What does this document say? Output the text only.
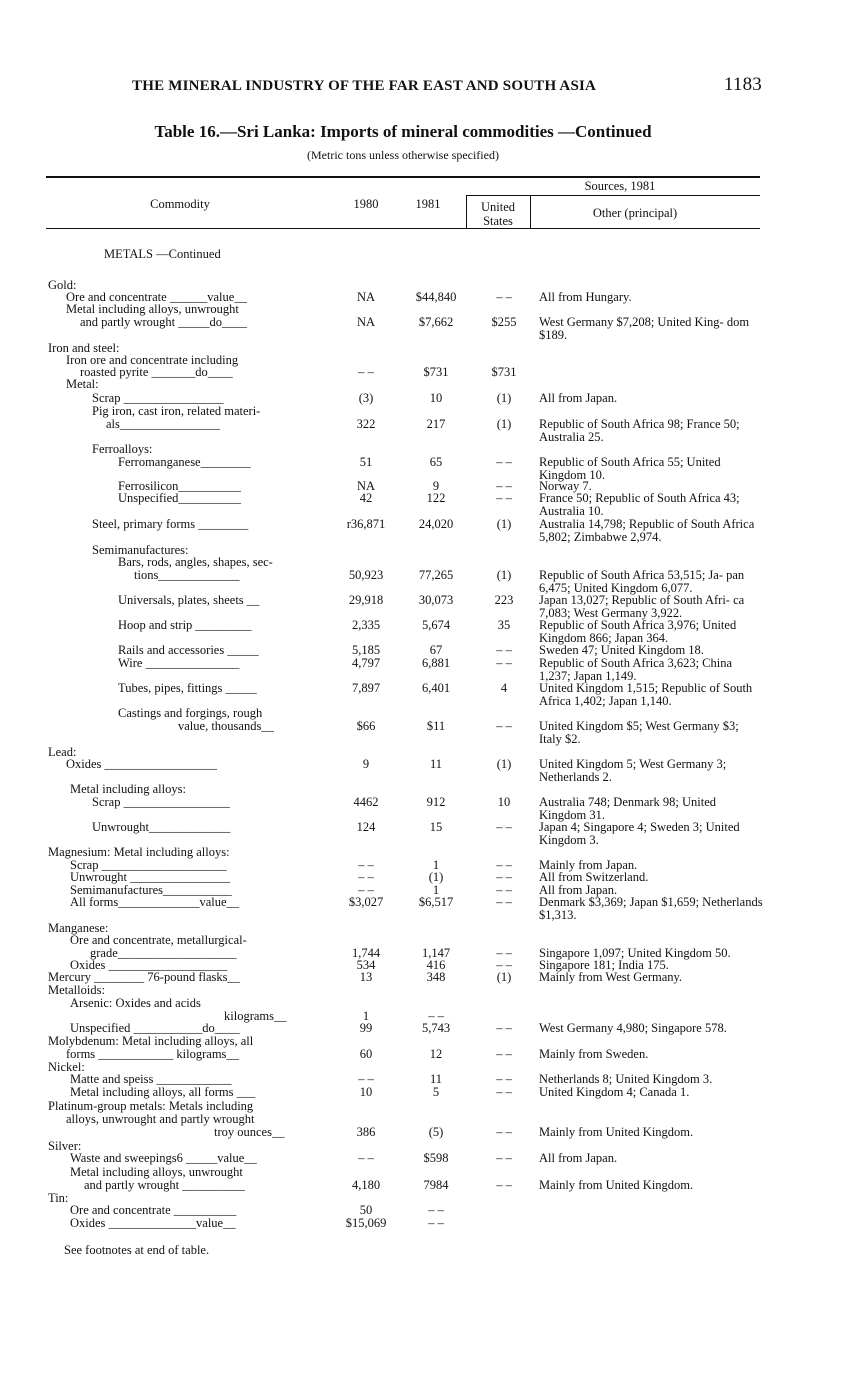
THE MINERAL INDUSTRY OF THE FAR EAST AND SOUTH ASIA	1183
Table 16.—Sri Lanka: Imports of mineral commodities —Continued
(Metric tons unless otherwise specified)
Commodity	1980	1981
Sources, 1981
United
States
Other (principal)
METALS —Continued
Gold:
Ore and concentrate ______value__	NA	$44,840	– –	All from Hungary.
Metal including alloys, unwrought
and partly wrought _____do____	NA	$7,662	$255	West Germany $7,208; United King- dom $189.
Iron and steel:
Iron ore and concentrate including
roasted pyrite _______do____	– –	$731	$731
Metal:
Scrap ________________	(3)	10	(1)	All from Japan.
Pig iron, cast iron, related materi-
als________________	322	217	(1)	Republic of South Africa 98; France 50; Australia 25.
Ferroalloys:
Ferromanganese________	51	65	– –	Republic of South Africa 55; United Kingdom 10.
Ferrosilicon__________	NA	9	– –	Norway 7.
Unspecified__________	42	122	– –	France 50; Republic of South Africa 43; Australia 10.
Steel, primary forms ________	r36,871	24,020	(1)	Australia 14,798; Republic of South Africa 5,802; Zimbabwe 2,974.
Semimanufactures:
Bars, rods, angles, shapes, sec-
tions_____________	50,923	77,265	(1)	Republic of South Africa 53,515; Ja- pan 6,475; United Kingdom 6,077.
Universals, plates, sheets __	29,918	30,073	223	Japan 13,027; Republic of South Afri- ca 7,083; West Germany 3,922.
Hoop and strip _________	2,335	5,674	35	Republic of South Africa 3,976; United Kingdom 866; Japan 364.
Rails and accessories _____	5,185	67	– –	Sweden 47; United Kingdom 18.
Wire _______________	4,797	6,881	– –	Republic of South Africa 3,623; China 1,237; Japan 1,149.
Tubes, pipes, fittings _____	7,897	6,401	4	United Kingdom 1,515; Republic of South Africa 1,402; Japan 1,140.
Castings and forgings, rough
value, thousands__	$66	$11	– –	United Kingdom $5; West Germany $3; Italy $2.
Lead:
Oxides __________________	9	11	(1)	United Kingdom 5; West Germany 3; Netherlands 2.
Metal including alloys:
Scrap _________________	4462	912	10	Australia 748; Denmark 98; United Kingdom 31.
Unwrought_____________	124	15	– –	Japan 4; Singapore 4; Sweden 3; United Kingdom 3.
Magnesium: Metal including alloys:
Scrap ____________________	– –	1	– –	Mainly from Japan.
Unwrought ________________	– –	(1)	– –	All from Switzerland.
Semimanufactures___________	– –	1	– –	All from Japan.
All forms_____________value__	$3,027	$6,517	– –	Denmark $3,369; Japan $1,659; Netherlands $1,313.
Manganese:
Ore and concentrate, metallurgical-
grade___________________	1,744	1,147	– –	Singapore 1,097; United Kingdom 50.
Oxides ___________________	534	416	– –	Singapore 181; India 175.
Mercury ________ 76-pound flasks__	13	348	(1)	Mainly from West Germany.
Metalloids:
Arsenic: Oxides and acids
kilograms__	1	– –
Unspecified ___________do____	99	5,743	– –	West Germany 4,980; Singapore 578.
Molybdenum: Metal including alloys, all
forms ____________ kilograms__	60	12	– –	Mainly from Sweden.
Nickel:
Matte and speiss ____________	– –	11	– –	Netherlands 8; United Kingdom 3.
Metal including alloys, all forms ___	10	5	– –	United Kingdom 4; Canada 1.
Platinum-group metals: Metals including
alloys, unwrought and partly wrought
troy ounces__	386	(5)	– –	Mainly from United Kingdom.
Silver:
Waste and sweepings6 _____value__	– –	$598	– –	All from Japan.
Metal including alloys, unwrought
and partly wrought __________	4,180	7984	– –	Mainly from United Kingdom.
Tin:
Ore and concentrate __________	50	– –
Oxides ______________value__	$15,069	– –
See footnotes at end of table.
